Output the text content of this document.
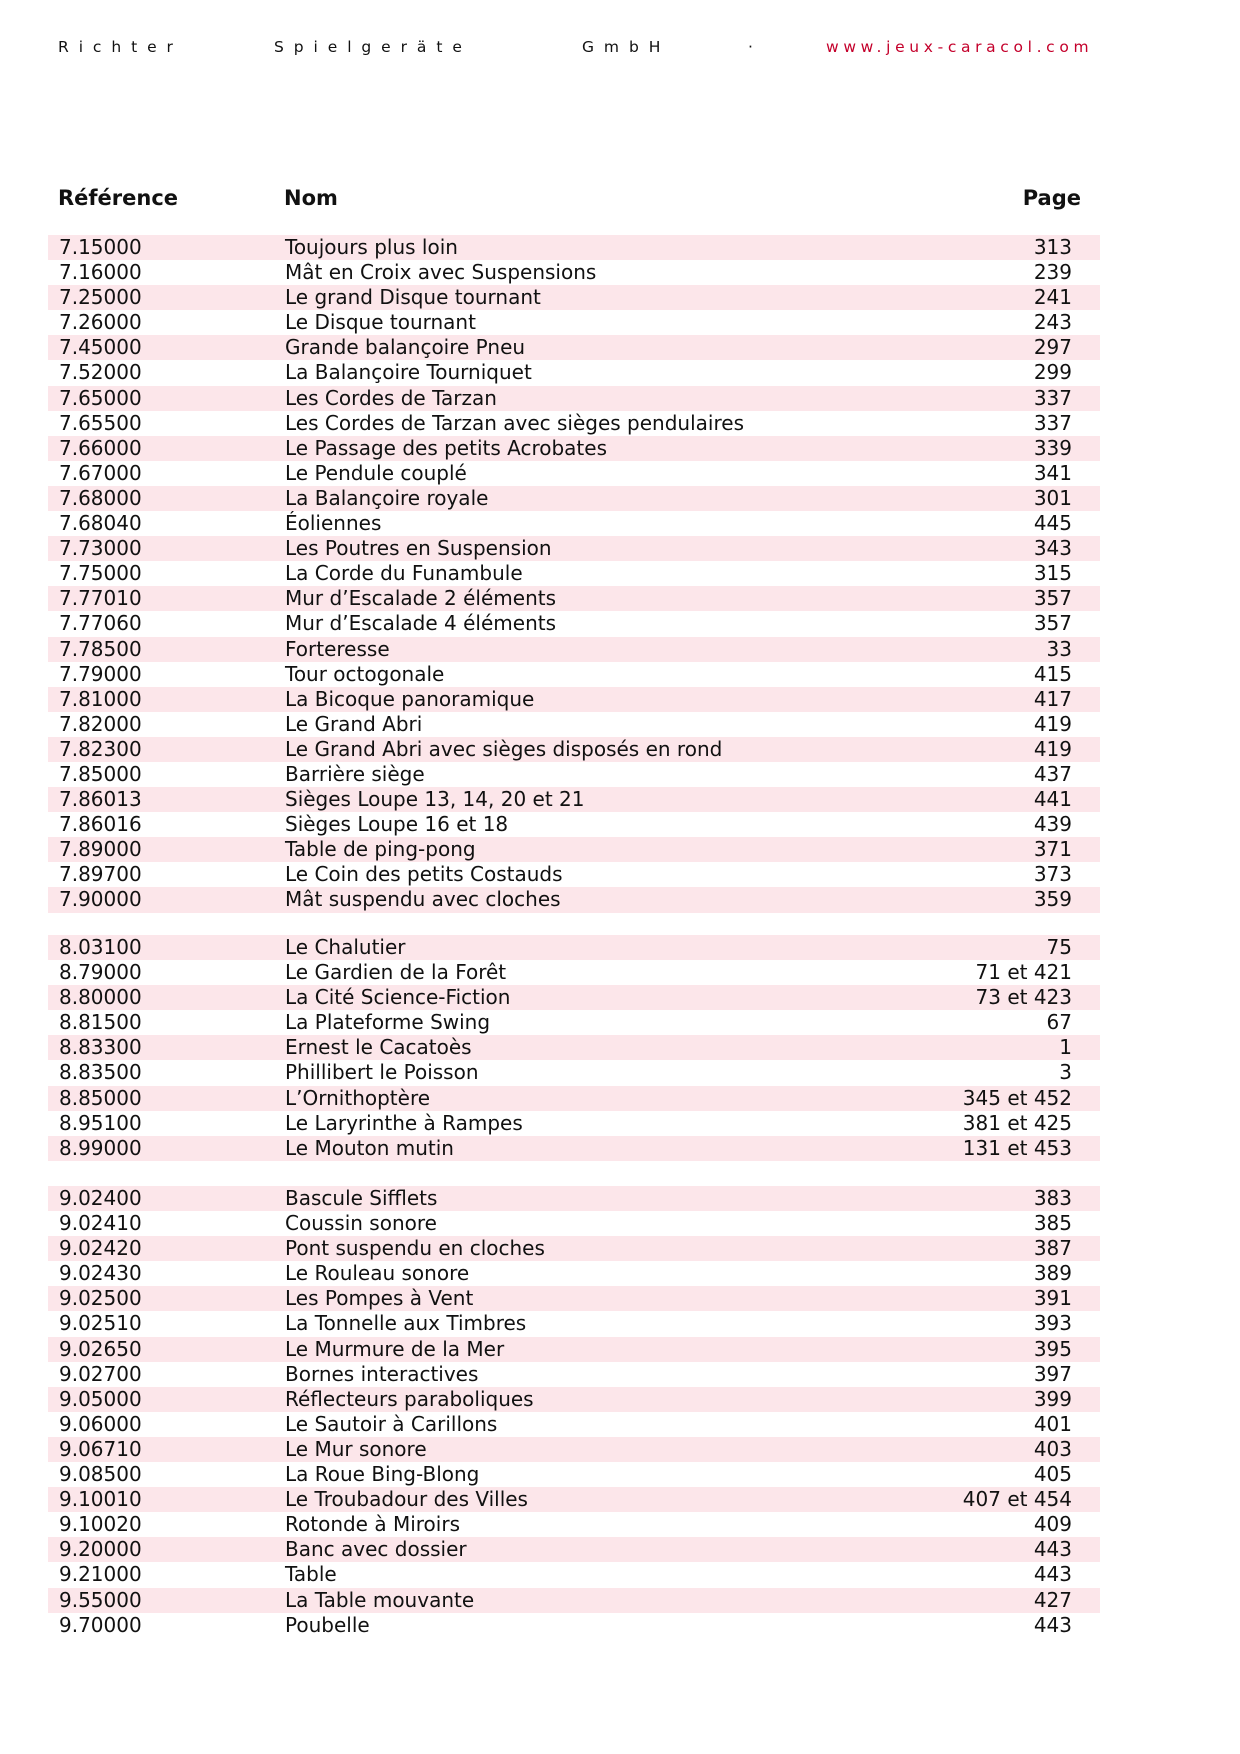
Richter	Spielgeräte	GmbH	·	www.jeux-caracol.com
Référence	Nom	Page
7.15000	Toujours plus loin	313
7.16000	Mât en Croix avec Suspensions	239
7.25000	Le grand Disque tournant	241
7.26000	Le Disque tournant	243
7.45000	Grande balançoire Pneu	297
7.52000	La Balançoire Tourniquet	299
7.65000	Les Cordes de Tarzan	337
7.65500	Les Cordes de Tarzan avec sièges pendulaires	337
7.66000	Le Passage des petits Acrobates	339
7.67000	Le Pendule couplé	341
7.68000	La Balançoire royale	301
7.68040	Éoliennes	445
7.73000	Les Poutres en Suspension	343
7.75000	La Corde du Funambule	315
7.77010	Mur d’Escalade 2 éléments	357
7.77060	Mur d’Escalade 4 éléments	357
7.78500	Forteresse	33
7.79000	Tour octogonale	415
7.81000	La Bicoque panoramique	417
7.82000	Le Grand Abri	419
7.82300	Le Grand Abri avec sièges disposés en rond	419
7.85000	Barrière siège	437
7.86013	Sièges Loupe 13, 14, 20 et 21	441
7.86016	Sièges Loupe 16 et 18	439
7.89000	Table de ping-pong	371
7.89700	Le Coin des petits Costauds	373
7.90000	Mât suspendu avec cloches	359
8.03100	Le Chalutier	75
8.79000	Le Gardien de la Forêt	71 et 421
8.80000	La Cité Science-Fiction	73 et 423
8.81500	La Plateforme Swing	67
8.83300	Ernest le Cacatoès	1
8.83500	Phillibert le Poisson	3
8.85000	L’Ornithoptère	345 et 452
8.95100	Le Laryrinthe à Rampes	381 et 425
8.99000	Le Mouton mutin	131 et 453
9.02400	Bascule Sifflets	383
9.02410	Coussin sonore	385
9.02420	Pont suspendu en cloches	387
9.02430	Le Rouleau sonore	389
9.02500	Les Pompes à Vent	391
9.02510	La Tonnelle aux Timbres	393
9.02650	Le Murmure de la Mer	395
9.02700	Bornes interactives	397
9.05000	Réflecteurs paraboliques	399
9.06000	Le Sautoir à Carillons	401
9.06710	Le Mur sonore	403
9.08500	La Roue Bing-Blong	405
9.10010	Le Troubadour des Villes	407 et 454
9.10020	Rotonde à Miroirs	409
9.20000	Banc avec dossier	443
9.21000	Table	443
9.55000	La Table mouvante	427
9.70000	Poubelle	443
